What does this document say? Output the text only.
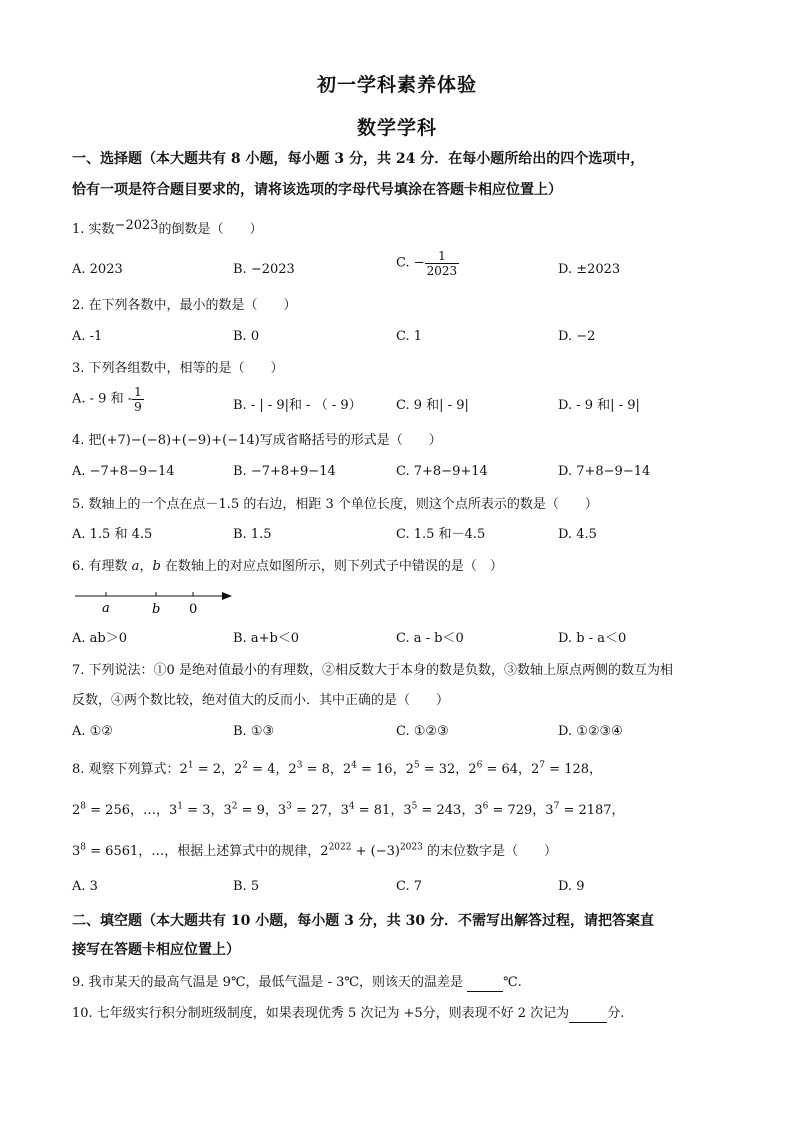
初一学科素养体验
数学学科
一、选择题（本大题共有 8 小题，每小题 3 分，共 24 分．在每小题所给出的四个选项中，
恰有一项是符合题目要求的，请将该选项的字母代号填涂在答题卡相应位置上）
1. 实数−2023的倒数是（　　）
A. 2023	B. −2023	C. − $\frac{1}{2023}$	D. ±2023
2. 在下列各数中，最小的数是（　　）
A. -1	B. 0	C. 1	D. −2
3. 下列各组数中，相等的是（　　）
A. - 9 和 - $\frac{1}{9}$	B. - | - 9|和 - （ - 9）	C. 9 和| - 9|	D. - 9 和| - 9|
4. 把(+7)−(−8)+(−9)+(−14)写成省略括号的形式是（　　）
A. −7+8−9−14	B. −7+8+9−14	C. 7+8−9+14	D. 7+8−9−14
5. 数轴上的一个点在点－1.5 的右边，相距 3 个单位长度，则这个点所表示的数是（　　）
A. 1.5 和 4.5	B. 1.5	C. 1.5 和－4.5	D. 4.5
6. 有理数 a，b 在数轴上的对应点如图所示，则下列式子中错误的是（　）
a	b 0
A. ab＞0	B. a+b＜0	C. a - b＜0	D. b - a＜0
7. 下列说法：①0 是绝对值最小的有理数，②相反数大于本身的数是负数，③数轴上原点两侧的数互为相
反数，④两个数比较，绝对值大的反而小．其中正确的是（　　）
A. ①②	B. ①③	C. ①②③	D. ①②③④
8. 观察下列算式：$2^1 = 2$，$2^2 = 4$，$2^3 = 8$，$2^4 = 16$，$2^5 = 32$，$2^6 = 64$，$2^7 = 128$，
$2^8 = 256$，…，$3^1 = 3$，$3^2 = 9$，$3^3 = 27$，$3^4 = 81$，$3^5 = 243$，$3^6 = 729$，$3^7 = 2187$，
$3^8 = 6561$，…，根据上述算式中的规律，$2^{2022} + (-3)^{2023}$ 的末位数字是（　　）
A. 3	B. 5	C. 7	D. 9
二、填空题（本大题共有 10 小题，每小题 3 分，共 30 分．不需写出解答过程，请把答案直
接写在答题卡相应位置上）
9. 我市某天的最高气温是 9℃，最低气温是 - 3℃，则该天的温差是	℃.
10. 七年级实行积分制班级制度，如果表现优秀 5 次记为 +5分，则表现不好 2 次记为	分.
